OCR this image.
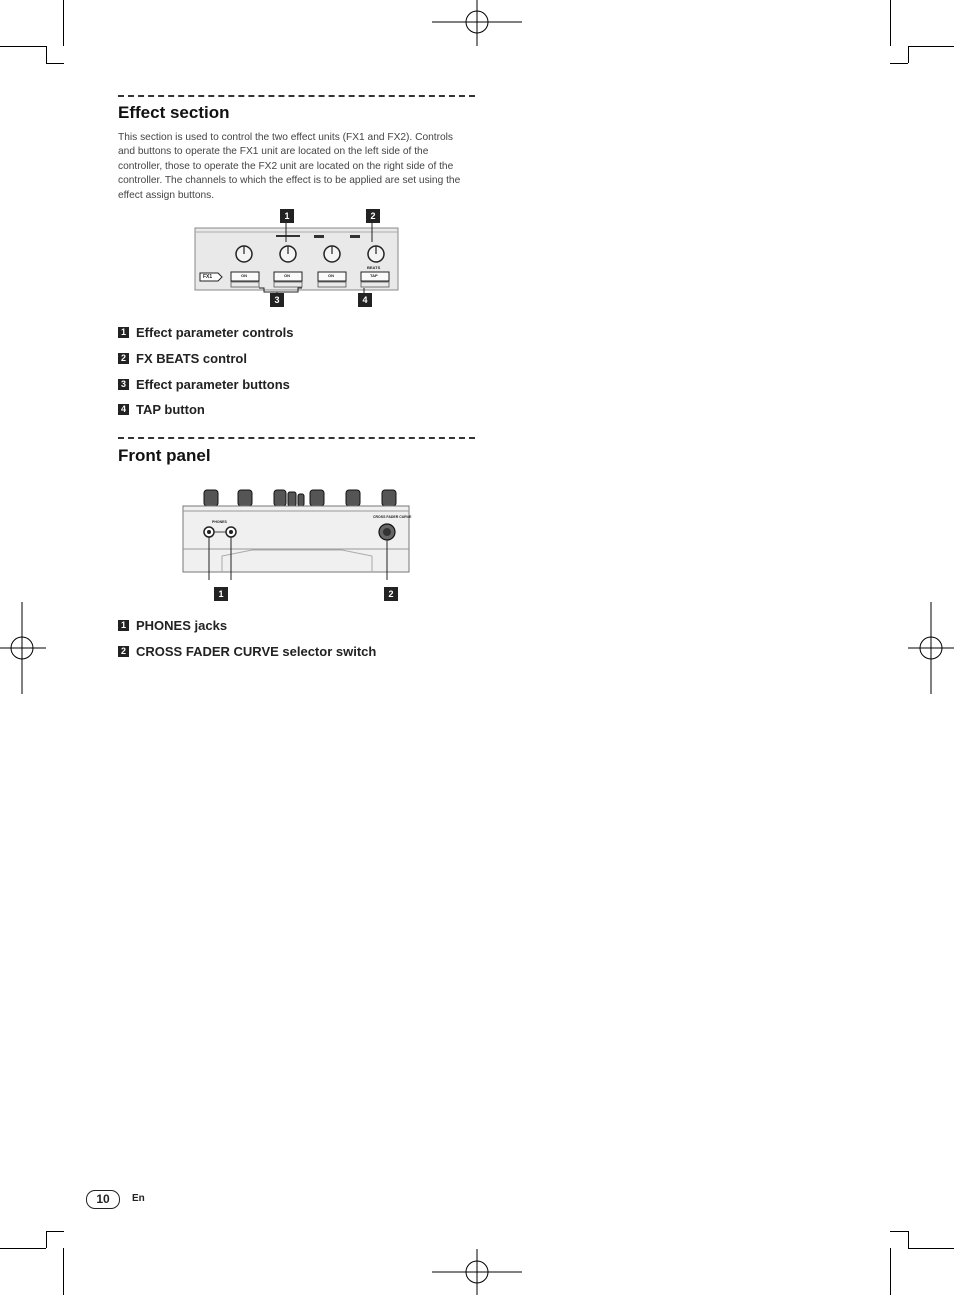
Effect section

This section is used to control the two effect units (FX1 and FX2). Controls and buttons to operate the FX1 unit are located on the left side of the controller, those to operate the FX2 unit are located on the right side of the controller. The channels to which the effect is to be applied are set using the effect assign buttons.

FX1
BEATS
ON	ON	ON	TAP
1	2
3	4
1 Effect parameter controls
2 FX BEATS control
3 Effect parameter buttons
4 TAP button
Front panel
PHONES
CROSS FADER CURVE
1	2
1 PHONES jacks
2 CROSS FADER CURVE selector switch
10	En
